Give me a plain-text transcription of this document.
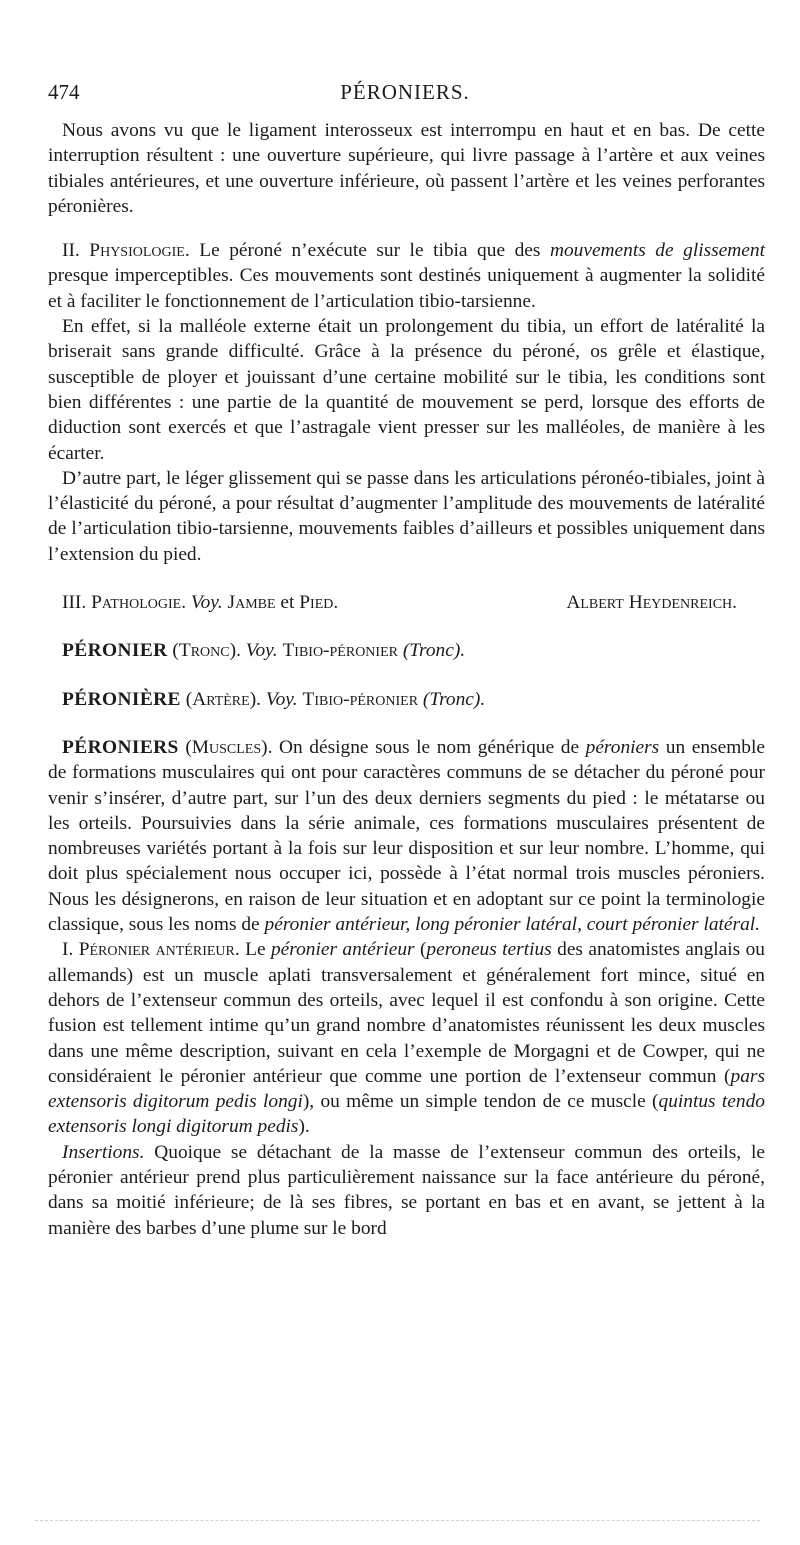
474	PÉRONIERS.

Nous avons vu que le ligament interosseux est interrompu en haut et en bas. De cette interruption résultent : une ouverture supérieure, qui livre passage à l’artère et aux veines tibiales antérieures, et une ouverture inférieure, où passent l’artère et les veines perforantes péronières.

II. Physiologie. Le péroné n’exécute sur le tibia que des mouvements de glissement presque imperceptibles. Ces mouvements sont destinés uniquement à augmenter la solidité et à faciliter le fonctionnement de l’articulation tibio-tarsienne.

En effet, si la malléole externe était un prolongement du tibia, un effort de latéralité la briserait sans grande difficulté. Grâce à la présence du péroné, os grêle et élastique, susceptible de ployer et jouissant d’une certaine mobilité sur le tibia, les conditions sont bien différentes : une partie de la quantité de mouvement se perd, lorsque des efforts de diduction sont exercés et que l’astragale vient presser sur les malléoles, de manière à les écarter.

D’autre part, le léger glissement qui se passe dans les articulations péronéo-tibiales, joint à l’élasticité du péroné, a pour résultat d’augmenter l’amplitude des mouvements de latéralité de l’articulation tibio-tarsienne, mouvements faibles d’ailleurs et possibles uniquement dans l’extension du pied.

III. Pathologie. Voy. Jambe et Pied.	Albert Heydenreich.

PÉRONIER (Tronc). Voy. Tibio-péronier (Tronc).

PÉRONIÈRE (Artère). Voy. Tibio-péronier (Tronc).

PÉRONIERS (Muscles). On désigne sous le nom générique de péroniers un ensemble de formations musculaires qui ont pour caractères communs de se détacher du péroné pour venir s’insérer, d’autre part, sur l’un des deux derniers segments du pied : le métatarse ou les orteils. Poursuivies dans la série animale, ces formations musculaires présentent de nombreuses variétés portant à la fois sur leur disposition et sur leur nombre. L’homme, qui doit plus spécialement nous occuper ici, possède à l’état normal trois muscles péroniers. Nous les désignerons, en raison de leur situation et en adoptant sur ce point la terminologie classique, sous les noms de péronier antérieur, long péronier latéral, court péronier latéral.

I. Péronier antérieur. Le péronier antérieur (peroneus tertius des anatomistes anglais ou allemands) est un muscle aplati transversalement et généralement fort mince, situé en dehors de l’extenseur commun des orteils, avec lequel il est confondu à son origine. Cette fusion est tellement intime qu’un grand nombre d’anatomistes réunissent les deux muscles dans une même description, suivant en cela l’exemple de Morgagni et de Cowper, qui ne considéraient le péronier antérieur que comme une portion de l’extenseur commun (pars extensoris digitorum pedis longi), ou même un simple tendon de ce muscle (quintus tendo extensoris longi digitorum pedis).

Insertions. Quoique se détachant de la masse de l’extenseur commun des orteils, le péronier antérieur prend plus particulièrement naissance sur la face antérieure du péroné, dans sa moitié inférieure; de là ses fibres, se portant en bas et en avant, se jettent à la manière des barbes d’une plume sur le bord
